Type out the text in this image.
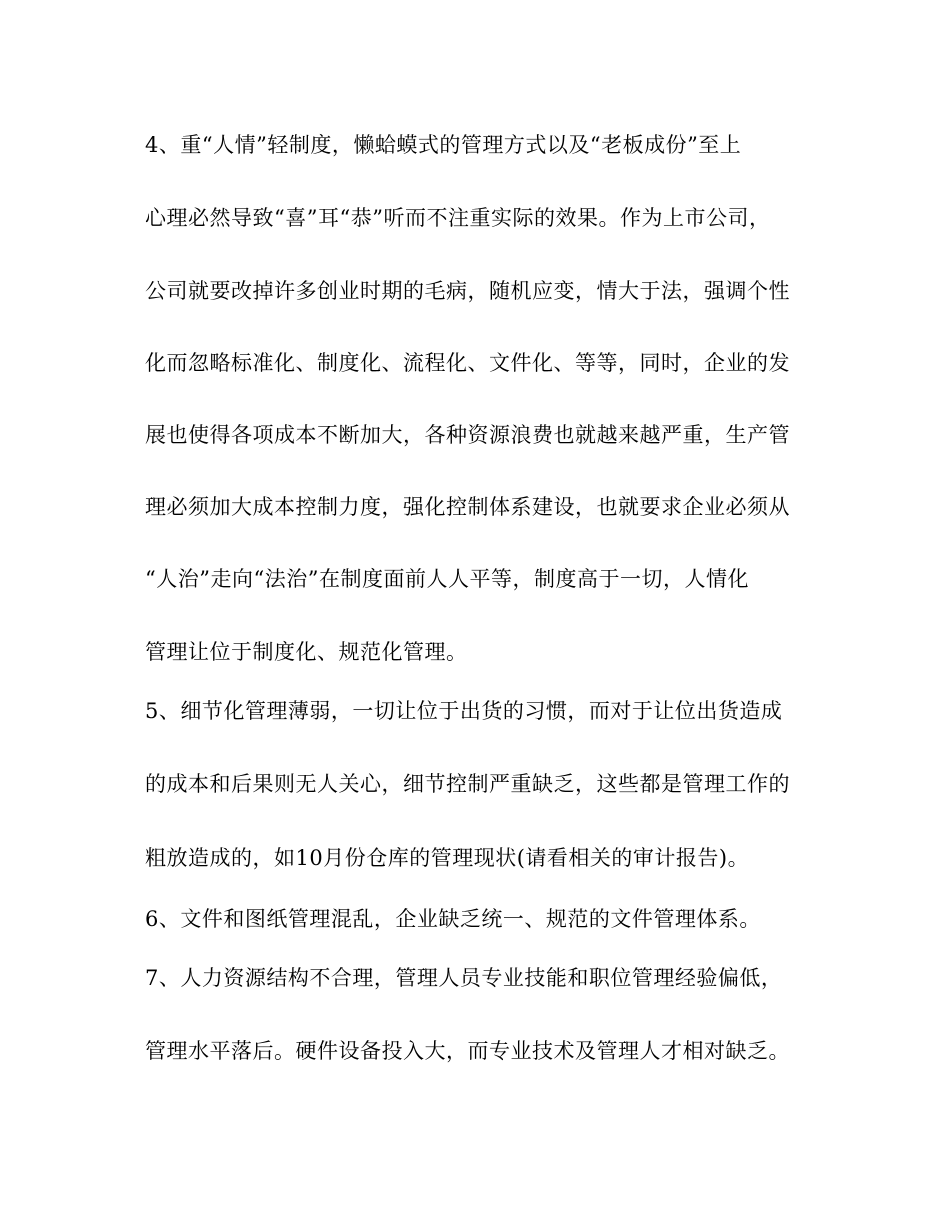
4、重“人情”轻制度，懒蛤蟆式的管理方式以及“老板成份”至上
心理必然导致“喜”耳“恭”听而不注重实际的效果。作为上市公司，
公司就要改掉许多创业时期的毛病，随机应变，情大于法，强调个性
化而忽略标准化、制度化、流程化、文件化、等等，同时，企业的发
展也使得各项成本不断加大，各种资源浪费也就越来越严重，生产管
理必须加大成本控制力度，强化控制体系建设，也就要求企业必须从
“人治”走向“法治”在制度面前人人平等，制度高于一切，人情化
管理让位于制度化、规范化管理。
5、细节化管理薄弱，一切让位于出货的习惯，而对于让位出货造成
的成本和后果则无人关心，细节控制严重缺乏，这些都是管理工作的
粗放造成的，如10月份仓库的管理现状(请看相关的审计报告)。
6、文件和图纸管理混乱，企业缺乏统一、规范的文件管理体系。
7、人力资源结构不合理，管理人员专业技能和职位管理经验偏低，
管理水平落后。硬件设备投入大，而专业技术及管理人才相对缺乏。
